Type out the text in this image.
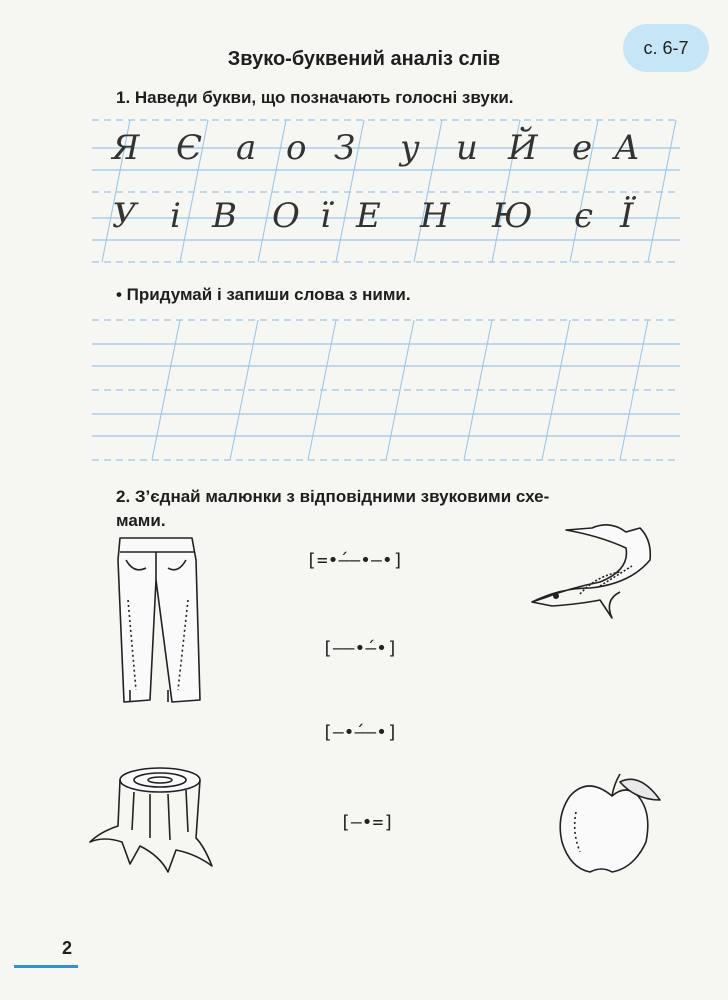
с. 6-7
Звуко-буквений аналіз слів
1. Наведи букви, що позначають голосні звуки.
Я Є а о З у и Й е А
У і В О ї Е Н Ю є Ї
• Придумай і запиши слова з ними.
2. З’єднай малюнки з відповідними звуковими схе-
мами.
[=•́––•–•]
[––•́–•]
[–•́––•]
[–•=]
2
